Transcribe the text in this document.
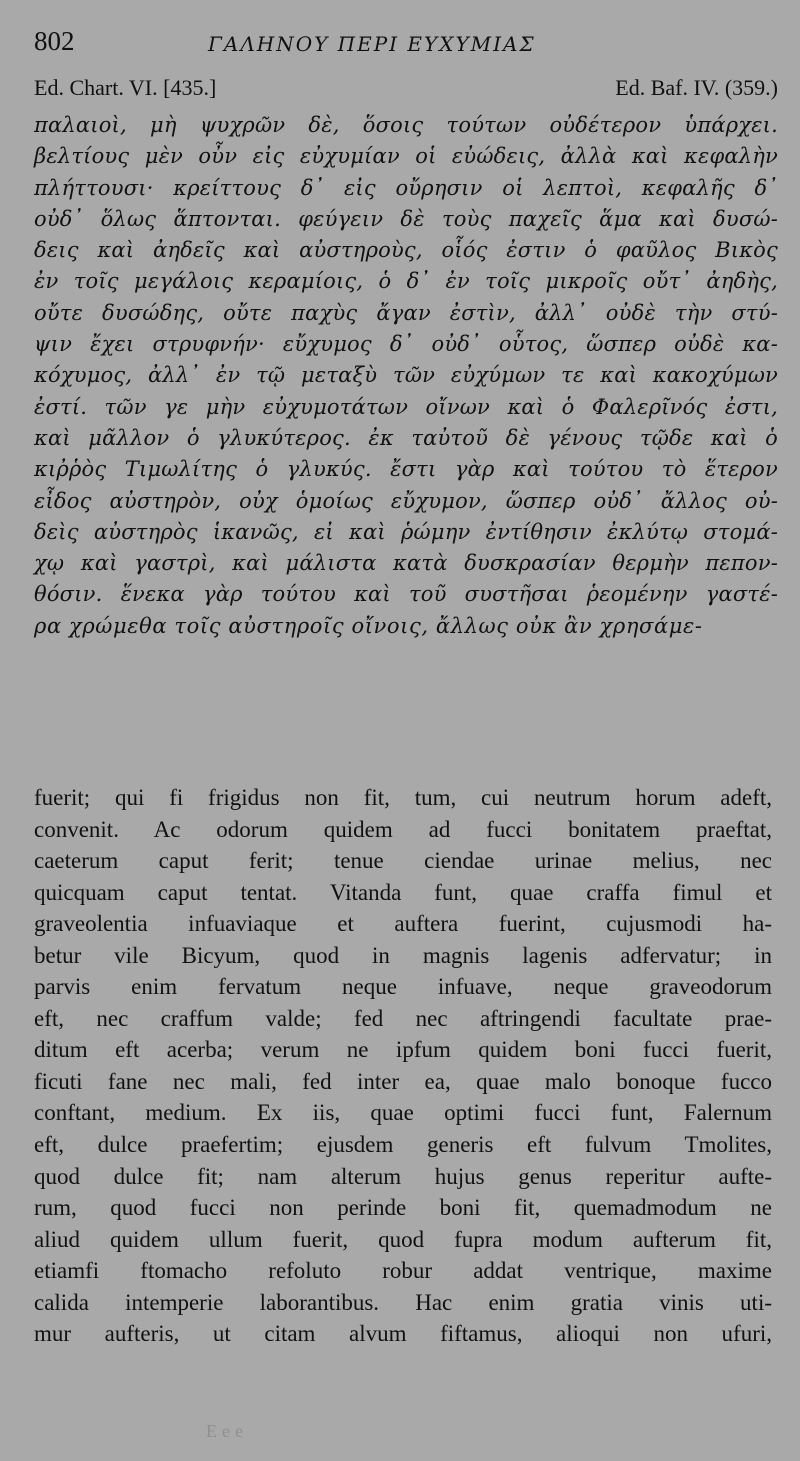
802	ΓΑΛΗΝΟΥ ΠΕΡΙ ΕΥΧΥΜΙΑΣ
Ed. Chart. VI. [435.]	Ed. Baf. IV. (359.)
παλαιοὶ, μὴ ψυχρῶν δὲ, ὅσοις τούτων οὐδέτερον ὑπάρχει.
βελτίους μὲν οὖν εἰς εὐχυμίαν οἱ εὐώδεις, ἀλλὰ καὶ κεφαλὴν
πλήττουσι· κρείττους δ᾽ εἰς οὔρησιν οἱ λεπτοὶ, κεφαλῆς δ᾽
οὐδ᾽ ὅλως ἅπτονται. φεύγειν δὲ τοὺς παχεῖς ἅμα καὶ δυσώ-
δεις καὶ ἀηδεῖς καὶ αὐστηροὺς, οἷός ἐστιν ὁ φαῦλος Βικὸς
ἐν τοῖς μεγάλοις κεραμίοις, ὁ δ᾽ ἐν τοῖς μικροῖς οὔτ᾽ ἀηδὴς,
οὔτε δυσώδης, οὔτε παχὺς ἄγαν ἐστὶν, ἀλλ᾽ οὐδὲ τὴν στύ-
ψιν ἔχει στρυφνήν· εὔχυμος δ᾽ οὐδ᾽ οὗτος, ὥσπερ οὐδὲ κα-
κόχυμος, ἀλλ᾽ ἐν τῷ μεταξὺ τῶν εὐχύμων τε καὶ κακοχύμων
ἐστί. τῶν γε μὴν εὐχυμοτάτων οἴνων καὶ ὁ Φαλερῖνός ἐστι,
καὶ μᾶλλον ὁ γλυκύτερος. ἐκ ταὐτοῦ δὲ γένους τῷδε καὶ ὁ
κιῤῥὸς Τιμωλίτης ὁ γλυκύς. ἔστι γὰρ καὶ τούτου τὸ ἕτερον
εἶδος αὐστηρὸν, οὐχ ὁμοίως εὔχυμον, ὥσπερ οὐδ᾽ ἄλλος οὐ-
δεὶς αὐστηρὸς ἱκανῶς, εἰ καὶ ῥώμην ἐντίθησιν ἐκλύτῳ στομά-
χῳ καὶ γαστρὶ, καὶ μάλιστα κατὰ δυσκρασίαν θερμὴν πεπον-
θόσιν. ἕνεκα γὰρ τούτου καὶ τοῦ συστῆσαι ῥεομένην γαστέ-
ρα χρώμεθα τοῖς αὐστηροῖς οἴνοις, ἄλλως οὐκ ἂν χρησάμε-
fuerit; qui fi frigidus non fit, tum, cui neutrum horum adeft,
convenit. Ac odorum quidem ad fucci bonitatem praeftat,
caeterum caput ferit; tenue ciendae urinae melius, nec
quicquam caput tentat. Vitanda funt, quae craffa fimul et
graveolentia infuaviaque et auftera fuerint, cujusmodi ha-
betur vile Bicyum, quod in magnis lagenis adfervatur; in
parvis enim fervatum neque infuave, neque graveodorum
eft, nec craffum valde; fed nec aftringendi facultate prae-
ditum eft acerba; verum ne ipfum quidem boni fucci fuerit,
ficuti fane nec mali, fed inter ea, quae malo bonoque fucco
conftant, medium. Ex iis, quae optimi fucci funt, Falernum
eft, dulce praefertim; ejusdem generis eft fulvum Tmolites,
quod dulce fit; nam alterum hujus genus reperitur aufte-
rum, quod fucci non perinde boni fit, quemadmodum ne
aliud quidem ullum fuerit, quod fupra modum aufterum fit,
etiamfi ftomacho refoluto robur addat ventrique, maxime
calida intemperie laborantibus. Hac enim gratia vinis uti-
mur aufteris, ut citam alvum fiftamus, alioqui non ufuri,
Eee
